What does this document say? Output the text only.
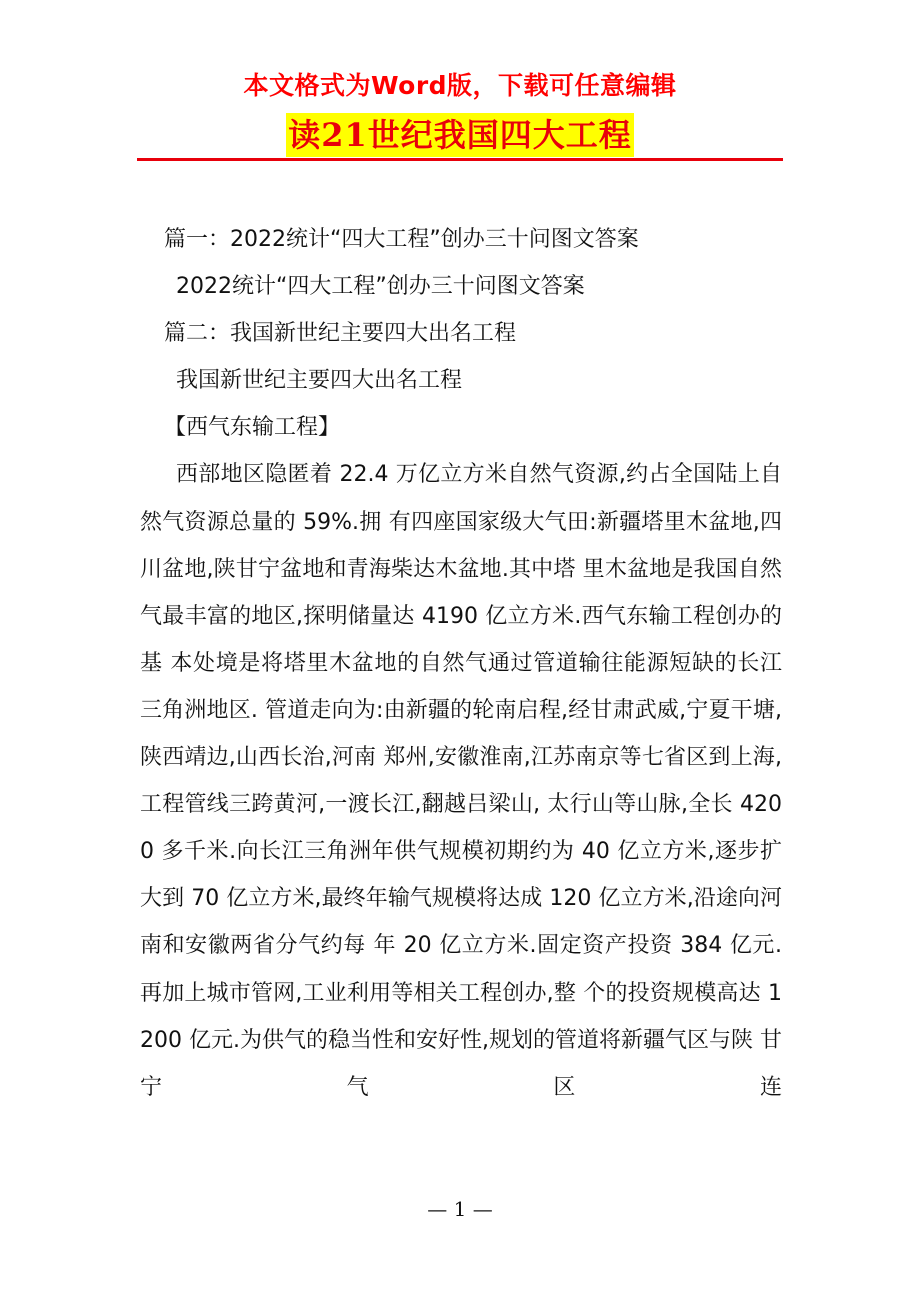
本文格式为Word版，下载可任意编辑
读21世纪我国四大工程

篇一：2022统计“四大工程”创办三十问图文答案

2022统计“四大工程”创办三十问图文答案

篇二：我国新世纪主要四大出名工程

我国新世纪主要四大出名工程

【西气东输工程】

西部地区隐匿着 22.4 万亿立方米自然气资源,约占全国陆上自然气资源总量的 59%.拥 有四座国家级大气田:新疆塔里木盆地,四川盆地,陕甘宁盆地和青海柴达木盆地.其中塔 里木盆地是我国自然气最丰富的地区,探明储量达 4190 亿立方米.西气东输工程创办的基 本处境是将塔里木盆地的自然气通过管道输往能源短缺的长江三角洲地区. 管道走向为:由新疆的轮南启程,经甘肃武威,宁夏干塘,陕西靖边,山西长治,河南 郑州,安徽淮南,江苏南京等七省区到上海,工程管线三跨黄河,一渡长江,翻越吕梁山, 太行山等山脉,全长 4200 多千米.向长江三角洲年供气规模初期约为 40 亿立方米,逐步扩 大到 70 亿立方米,最终年输气规模将达成 120 亿立方米,沿途向河南和安徽两省分气约每 年 20 亿立方米.固定资产投资 384 亿元.再加上城市管网,工业利用等相关工程创办,整 个的投资规模高达 1200 亿元.为供气的稳当性和安好性,规划的管道将新疆气区与陕 甘宁气区连

— 1 —
